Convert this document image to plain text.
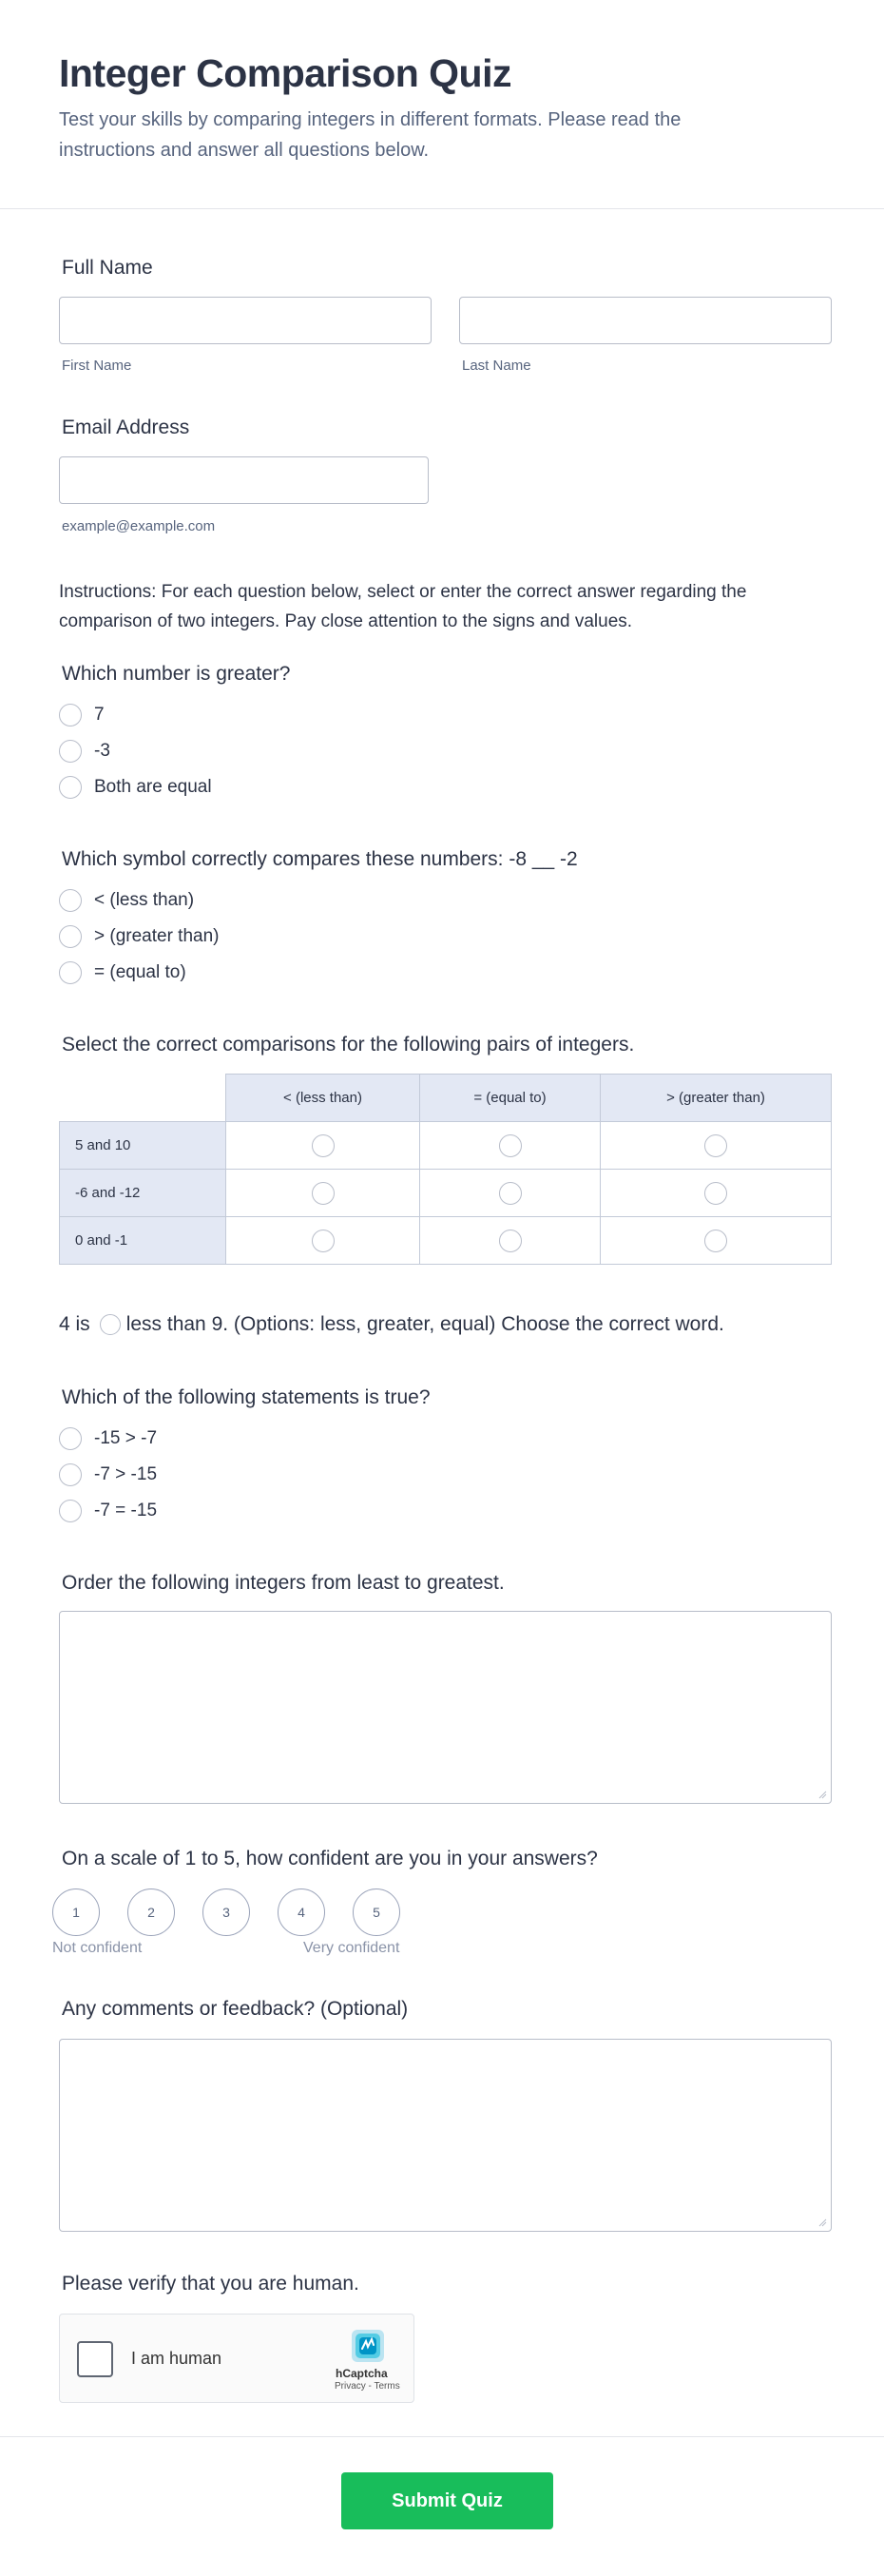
Integer Comparison Quiz
Test your skills by comparing integers in different formats. Please read the instructions and answer all questions below.
Full Name
First Name	Last Name
Email Address
example@example.com
Instructions: For each question below, select or enter the correct answer regarding the comparison of two integers. Pay close attention to the signs and values.
Which number is greater?
7
-3
Both are equal
Which symbol correctly compares these numbers: -8 __ -2
< (less than)
> (greater than)
= (equal to)
Select the correct comparisons for the following pairs of integers.
	< (less than)	= (equal to)	> (greater than)
5 and 10			
-6 and -12			
0 and -1			
4 is less than 9. (Options: less, greater, equal) Choose the correct word.
Which of the following statements is true?
-15 > -7
-7 > -15
-7 = -15
Order the following integers from least to greatest.
On a scale of 1 to 5, how confident are you in your answers?
1	2	3	4	5
Not confident	Very confident
Any comments or feedback? (Optional)
Please verify that you are human.
I am human
hCaptcha
Privacy - Terms
Submit Quiz
